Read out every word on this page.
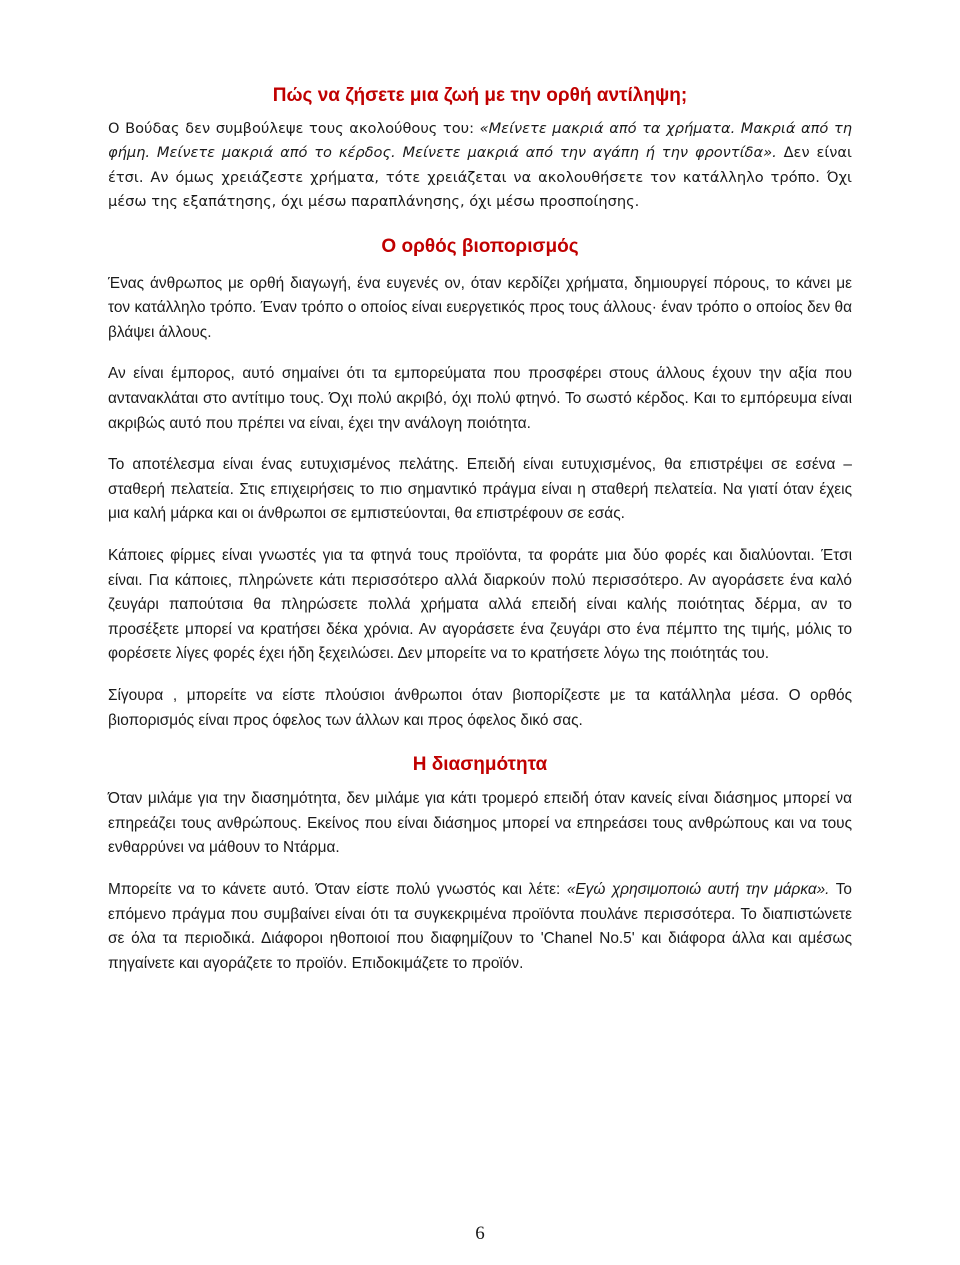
Πώς να ζήσετε μια ζωή με την ορθή αντίληψη;

Ο Βούδας δεν συμβούλεψε τους ακολούθους του: «Μείνετε μακριά από τα χρήματα. Μακριά από τη φήμη. Μείνετε μακριά από το κέρδος. Μείνετε μακριά από την αγάπη ή την φροντίδα». Δεν είναι έτσι. Αν όμως χρειάζεστε χρήματα, τότε χρειάζεται να ακολουθήσετε τον κατάλληλο τρόπο. Όχι μέσω της εξαπάτησης, όχι μέσω παραπλάνησης, όχι μέσω προσποίησης.

Ο ορθός βιοπορισμός

Ένας άνθρωπος με ορθή διαγωγή, ένα ευγενές ον, όταν κερδίζει χρήματα, δημιουργεί πόρους, το κάνει με τον κατάλληλο τρόπο. Έναν τρόπο ο οποίος είναι ευεργετικός προς τους άλλους· έναν τρόπο ο οποίος δεν θα βλάψει άλλους.

Αν είναι έμπορος, αυτό σημαίνει ότι τα εμπορεύματα που προσφέρει στους άλλους έχουν την αξία που αντανακλάται στο αντίτιμο τους. Όχι πολύ ακριβό, όχι πολύ φτηνό. Το σωστό κέρδος. Και το εμπόρευμα είναι ακριβώς αυτό που πρέπει να είναι, έχει την ανάλογη ποιότητα.

Το αποτέλεσμα είναι ένας ευτυχισμένος πελάτης. Επειδή είναι ευτυχισμένος, θα επιστρέψει σε εσένα – σταθερή πελατεία. Στις επιχειρήσεις το πιο σημαντικό πράγμα είναι η σταθερή πελατεία. Να γιατί όταν έχεις μια καλή μάρκα και οι άνθρωποι σε εμπιστεύονται, θα επιστρέφουν σε εσάς.

Κάποιες φίρμες είναι γνωστές για τα φτηνά τους προϊόντα, τα φοράτε μια δύο φορές και διαλύονται. Έτσι είναι. Για κάποιες, πληρώνετε κάτι περισσότερο αλλά διαρκούν πολύ περισσότερο. Αν αγοράσετε ένα καλό ζευγάρι παπούτσια θα πληρώσετε πολλά χρήματα αλλά επειδή είναι καλής ποιότητας δέρμα, αν το προσέξετε μπορεί να κρατήσει δέκα χρόνια. Αν αγοράσετε ένα ζευγάρι στο ένα πέμπτο της τιμής, μόλις το φορέσετε λίγες φορές έχει ήδη ξεχειλώσει. Δεν μπορείτε να το κρατήσετε λόγω της ποιότητάς του.

Σίγουρα , μπορείτε να είστε πλούσιοι άνθρωποι όταν βιοπορίζεστε με τα κατάλληλα μέσα. Ο ορθός βιοπορισμός είναι προς όφελος των άλλων και προς όφελος δικό σας.

Η διασημότητα

Όταν μιλάμε για την διασημότητα, δεν μιλάμε για κάτι τρομερό επειδή όταν κανείς είναι διάσημος μπορεί να επηρεάζει τους ανθρώπους. Εκείνος που είναι διάσημος μπορεί να επηρεάσει τους ανθρώπους και να τους ενθαρρύνει να μάθουν το Ντάρμα.

Μπορείτε να το κάνετε αυτό. Όταν είστε πολύ γνωστός και λέτε: «Εγώ χρησιμοποιώ αυτή την μάρκα». Το επόμενο πράγμα που συμβαίνει είναι ότι τα συγκεκριμένα προϊόντα πουλάνε περισσότερα. Το διαπιστώνετε σε όλα τα περιοδικά. Διάφοροι ηθοποιοί που διαφημίζουν το 'Chanel No.5' και διάφορα άλλα και αμέσως πηγαίνετε και αγοράζετε το προϊόν. Επιδοκιμάζετε το προϊόν.

6
